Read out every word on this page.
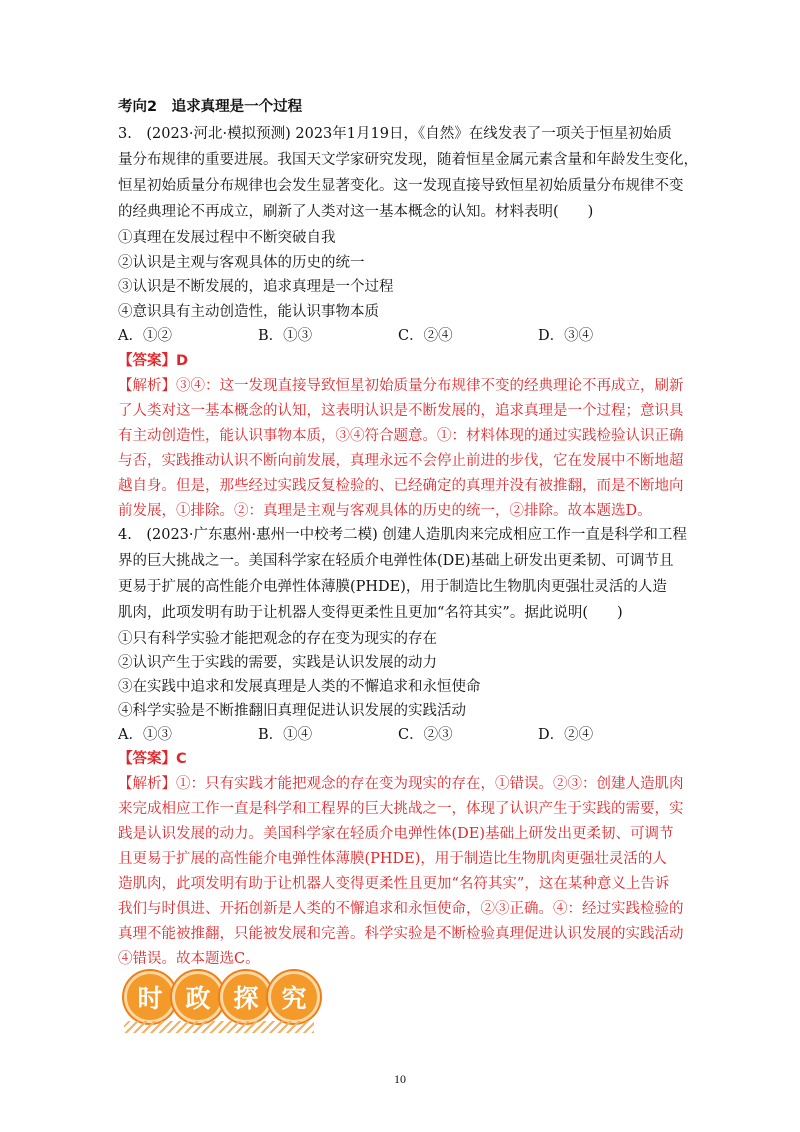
考向2　追求真理是一个过程
3.　(2023·河北·模拟预测) 2023年1月19日，《自然》在线发表了一项关于恒星初始质
量分布规律的重要进展。我国天文学家研究发现，随着恒星金属元素含量和年龄发生变化，
恒星初始质量分布规律也会发生显著变化。这一发现直接导致恒星初始质量分布规律不变
的经典理论不再成立，刷新了人类对这一基本概念的认知。材料表明(　　)
①真理在发展过程中不断突破自我
②认识是主观与客观具体的历史的统一
③认识是不断发展的，追求真理是一个过程
④意识具有主动创造性，能认识事物本质
A．①②	B．①③	C．②④	D．③④
【答案】D
【解析】③④：这一发现直接导致恒星初始质量分布规律不变的经典理论不再成立，刷新
了人类对这一基本概念的认知，这表明认识是不断发展的，追求真理是一个过程；意识具
有主动创造性，能认识事物本质，③④符合题意。①：材料体现的通过实践检验认识正确
与否，实践推动认识不断向前发展，真理永远不会停止前进的步伐，它在发展中不断地超
越自身。但是，那些经过实践反复检验的、已经确定的真理并没有被推翻，而是不断地向
前发展，①排除。②：真理是主观与客观具体的历史的统一，②排除。故本题选D。
4.　(2023·广东惠州·惠州一中校考二模) 创建人造肌肉来完成相应工作一直是科学和工程
界的巨大挑战之一。美国科学家在轻质介电弹性体(DE)基础上研发出更柔韧、可调节且
更易于扩展的高性能介电弹性体薄膜(PHDE)，用于制造比生物肌肉更强壮灵活的人造
肌肉，此项发明有助于让机器人变得更柔性且更加“名符其实”。据此说明(　　)
①只有科学实验才能把观念的存在变为现实的存在
②认识产生于实践的需要，实践是认识发展的动力
③在实践中追求和发展真理是人类的不懈追求和永恒使命
④科学实验是不断推翻旧真理促进认识发展的实践活动
A．①③	B．①④	C．②③	D．②④
【答案】C
【解析】①：只有实践才能把观念的存在变为现实的存在，①错误。②③：创建人造肌肉
来完成相应工作一直是科学和工程界的巨大挑战之一，体现了认识产生于实践的需要，实
践是认识发展的动力。美国科学家在轻质介电弹性体(DE)基础上研发出更柔韧、可调节
且更易于扩展的高性能介电弹性体薄膜(PHDE)，用于制造比生物肌肉更强壮灵活的人
造肌肉，此项发明有助于让机器人变得更柔性且更加“名符其实”，这在某种意义上告诉
我们与时俱进、开拓创新是人类的不懈追求和永恒使命，②③正确。④：经过实践检验的
真理不能被推翻，只能被发展和完善。科学实验是不断检验真理促进认识发展的实践活动
④错误。故本题选C。
时 政 探 究
10
